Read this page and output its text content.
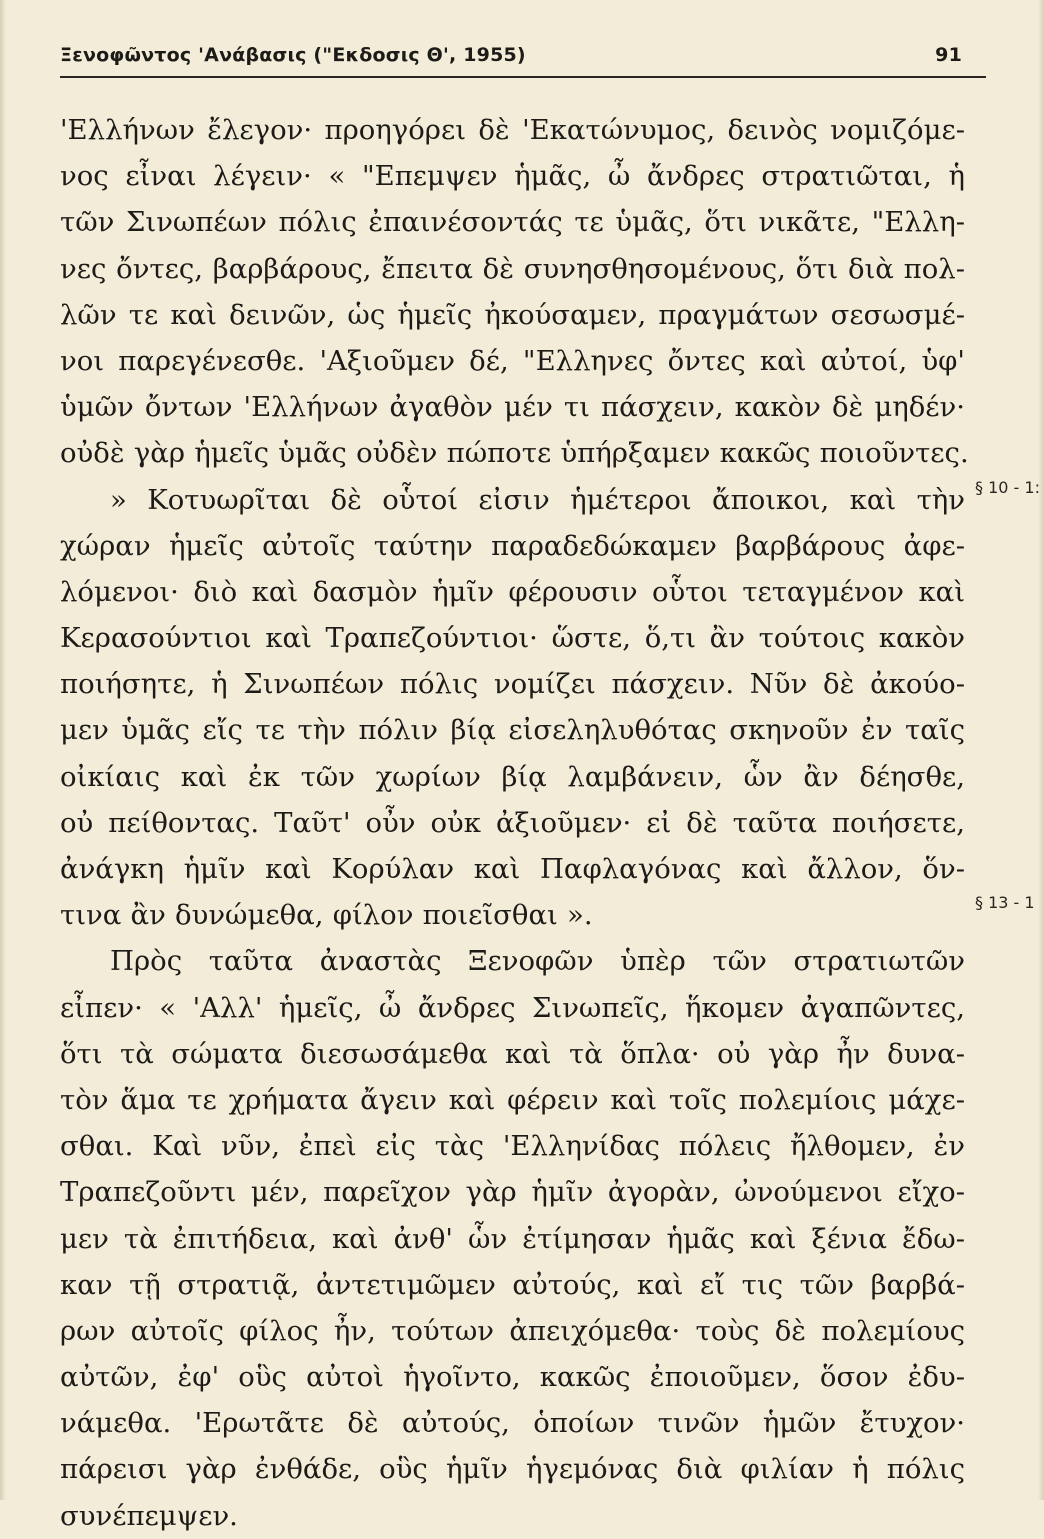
Ξενοφῶντος 'Ανάβασις ("Εκδοσις Θ', 1955)	91
§ 10 - 1:
§ 13 - 1
'Ελλήνων ἔλεγον· προηγόρει δὲ 'Εκατώνυμος, δεινὸς νομιζόμε-
νος εἶναι λέγειν· « "Επεμψεν ἡμᾶς, ὦ ἄνδρες στρατιῶται, ἡ
τῶν Σινωπέων πόλις ἐπαινέσοντάς τε ὑμᾶς, ὅτι νικᾶτε, "Ελλη-
νες ὄντες, βαρβάρους, ἔπειτα δὲ συνησθησομένους, ὅτι διὰ πολ-
λῶν τε καὶ δεινῶν, ὡς ἡμεῖς ἠκούσαμεν, πραγμάτων σεσωσμέ-
νοι παρεγένεσθε. 'Αξιοῦμεν δέ, "Ελληνες ὄντες καὶ αὐτοί, ὑφ'
ὑμῶν ὄντων 'Ελλήνων ἀγαθὸν μέν τι πάσχειν, κακὸν δὲ μηδέν·
οὐδὲ γὰρ ἡμεῖς ὑμᾶς οὐδὲν πώποτε ὑπήρξαμεν κακῶς ποιοῦντες.
» Κοτυωρῖται δὲ οὗτοί εἰσιν ἡμέτεροι ἄποικοι, καὶ τὴν
χώραν ἡμεῖς αὐτοῖς ταύτην παραδεδώκαμεν βαρβάρους ἀφε-
λόμενοι· διὸ καὶ δασμὸν ἡμῖν φέρουσιν οὗτοι τεταγμένον καὶ
Κερασούντιοι καὶ Τραπεζούντιοι· ὥστε, ὅ,τι ἂν τούτοις κακὸν
ποιήσητε, ἡ Σινωπέων πόλις νομίζει πάσχειν. Νῦν δὲ ἀκούο-
μεν ὑμᾶς εἴς τε τὴν πόλιν βίᾳ εἰσεληλυθότας σκηνοῦν ἐν ταῖς
οἰκίαις καὶ ἐκ τῶν χωρίων βίᾳ λαμβάνειν, ὧν ἂν δέησθε,
οὐ πείθοντας. Ταῦτ' οὖν οὐκ ἀξιοῦμεν· εἰ δὲ ταῦτα ποιήσετε,
ἀνάγκη ἡμῖν καὶ Κορύλαν καὶ Παφλαγόνας καὶ ἄλλον, ὅν-
τινα ἂν δυνώμεθα, φίλον ποιεῖσθαι ».
Πρὸς ταῦτα ἀναστὰς Ξενοφῶν ὑπὲρ τῶν στρατιωτῶν
εἶπεν· « 'Αλλ' ἡμεῖς, ὦ ἄνδρες Σινωπεῖς, ἥκομεν ἀγαπῶντες,
ὅτι τὰ σώματα διεσωσάμεθα καὶ τὰ ὅπλα· οὐ γὰρ ἦν δυνα-
τὸν ἅμα τε χρήματα ἄγειν καὶ φέρειν καὶ τοῖς πολεμίοις μάχε-
σθαι. Καὶ νῦν, ἐπεὶ εἰς τὰς 'Ελληνίδας πόλεις ἤλθομεν, ἐν
Τραπεζοῦντι μέν, παρεῖχον γὰρ ἡμῖν ἀγορὰν, ὠνούμενοι εἴχο-
μεν τὰ ἐπιτήδεια, καὶ ἀνθ' ὧν ἐτίμησαν ἡμᾶς καὶ ξένια ἔδω-
καν τῇ στρατιᾷ, ἀντετιμῶμεν αὐτούς, καὶ εἴ τις τῶν βαρβά-
ρων αὐτοῖς φίλος ἦν, τούτων ἀπειχόμεθα· τοὺς δὲ πολεμίους
αὐτῶν, ἐφ' οὓς αὐτοὶ ἡγοῖντο, κακῶς ἐποιοῦμεν, ὅσον ἐδυ-
νάμεθα. 'Ερωτᾶτε δὲ αὐτούς, ὁποίων τινῶν ἡμῶν ἔτυχον·
πάρεισι γὰρ ἐνθάδε, οὓς ἡμῖν ἡγεμόνας διὰ φιλίαν ἡ πόλις
συνέπεμψεν.
